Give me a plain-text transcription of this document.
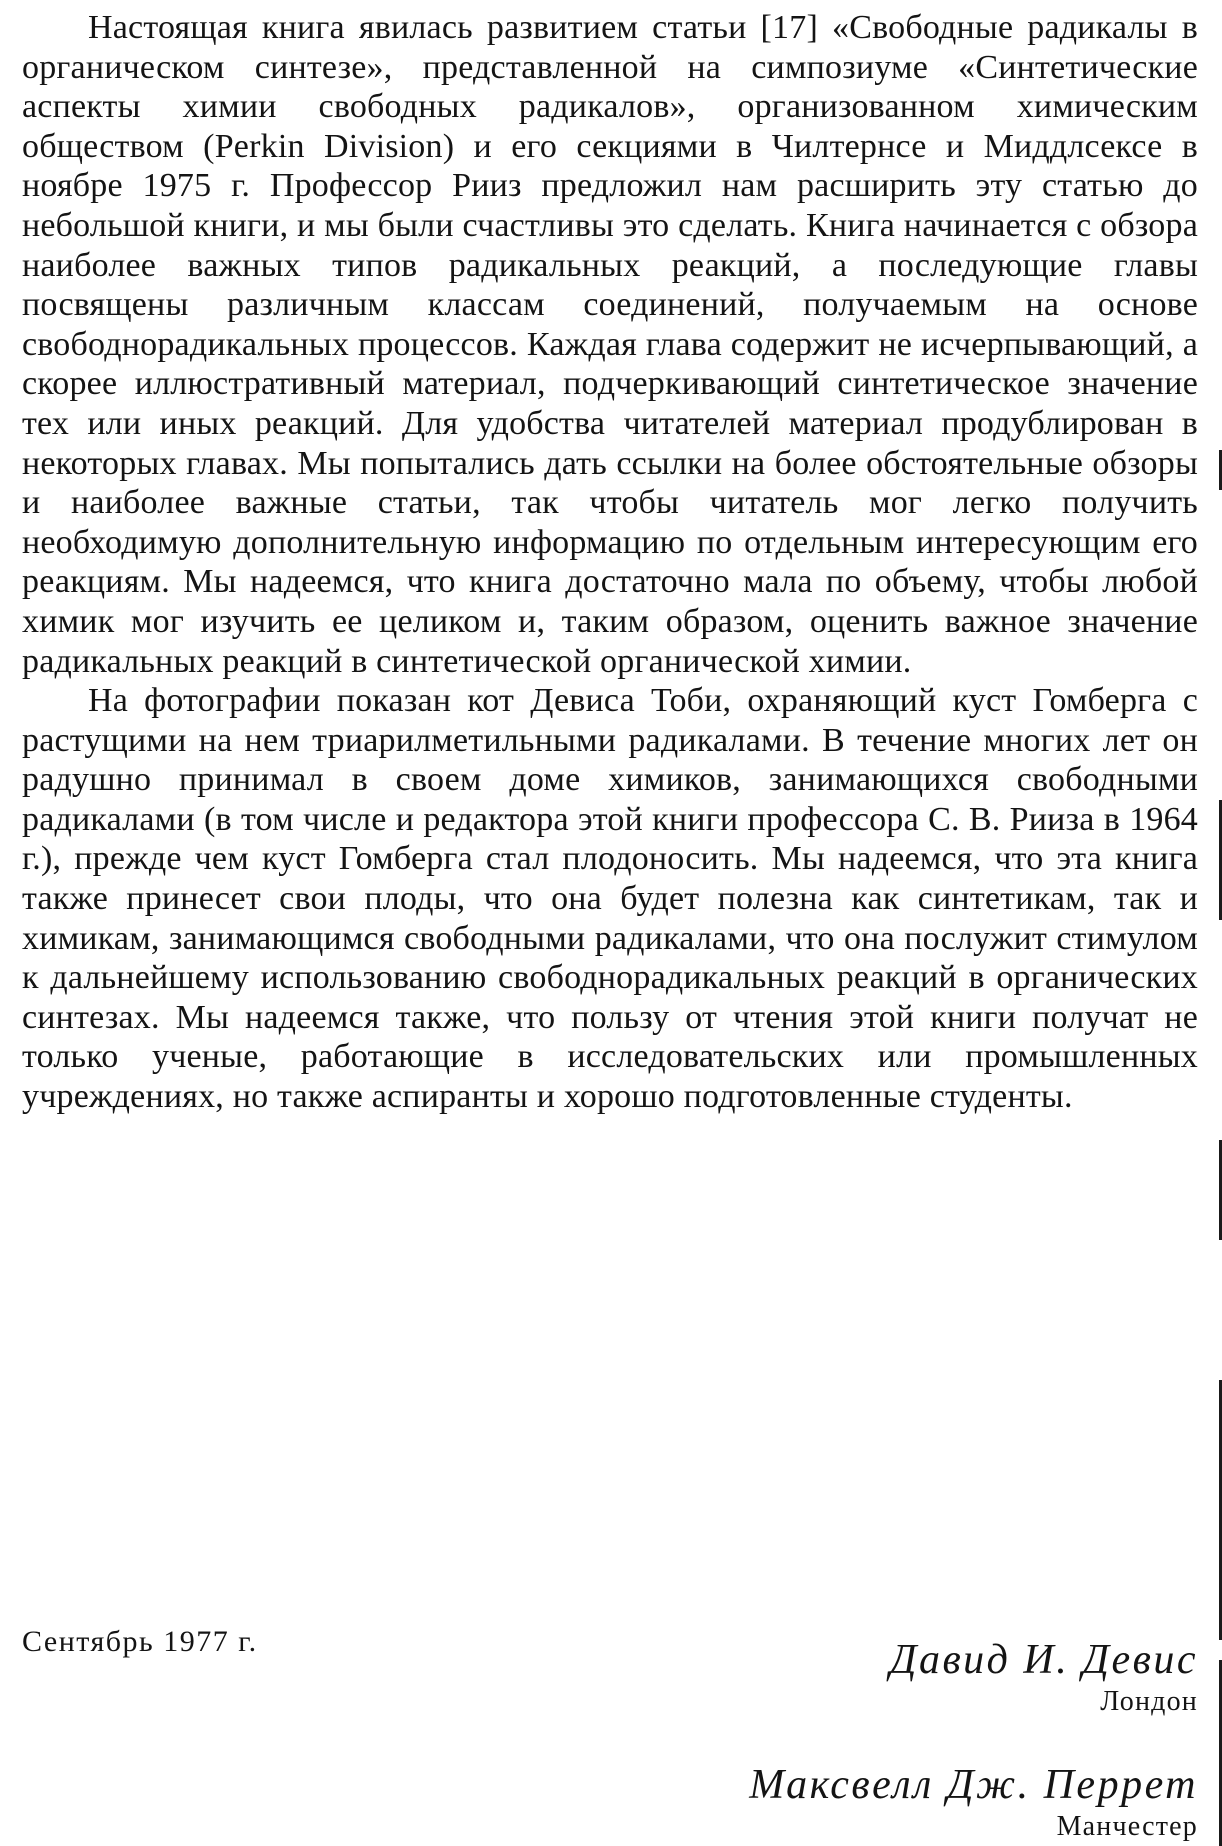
Настоящая книга явилась развитием статьи [17] «Свободные радикалы в органическом синтезе», представленной на симпозиуме «Синтетические аспекты химии свободных радикалов», организованном химическим обществом (Perkin Division) и его секциями в Чилтернсе и Миддлсексе в ноябре 1975 г. Профессор Рииз предложил нам расширить эту статью до небольшой книги, и мы были счастливы это сделать. Книга начинается с обзора наиболее важных типов радикальных реакций, а последующие главы посвящены различным классам соединений, получаемым на основе свободнорадикальных процессов. Каждая глава содержит не исчерпывающий, а скорее иллюстративный материал, подчеркивающий синтетическое значение тех или иных реакций. Для удобства читателей материал продублирован в некоторых главах. Мы попытались дать ссылки на более обстоятельные обзоры и наиболее важные статьи, так чтобы читатель мог легко получить необходимую дополнительную информацию по отдельным интересующим его реакциям. Мы надеемся, что книга достаточно мала по объему, чтобы любой химик мог изучить ее целиком и, таким образом, оценить важное значение радикальных реакций в синтетической органической химии.

На фотографии показан кот Девиса Тоби, охраняющий куст Гомберга с растущими на нем триарилметильными радикалами. В течение многих лет он радушно принимал в своем доме химиков, занимающихся свободными радикалами (в том числе и редактора этой книги профессора С. В. Рииза в 1964 г.), прежде чем куст Гомберга стал плодоносить. Мы надеемся, что эта книга также принесет свои плоды, что она будет полезна как синтетикам, так и химикам, занимающимся свободными радикалами, что она послужит стимулом к дальнейшему использованию свободнорадикальных реакций в органических синтезах. Мы надеемся также, что пользу от чтения этой книги получат не только ученые, работающие в исследовательских или промышленных учреждениях, но также аспиранты и хорошо подготовленные студенты.

Сентябрь 1977 г.	Давид И. Девис
Лондон
Максвелл Дж. Перрет
Манчестер
